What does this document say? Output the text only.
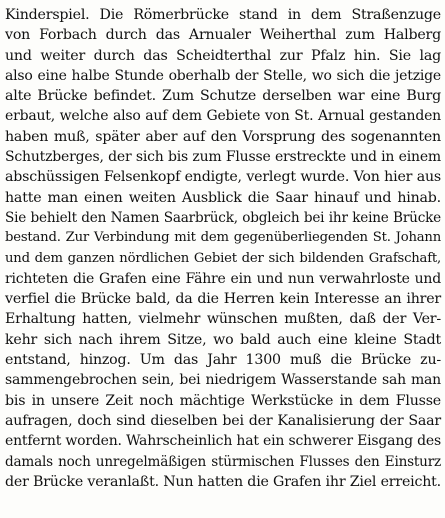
Kinderspiel. Die Römerbrücke stand in dem Straßenzuge
von Forbach durch das Arnualer Weiherthal zum Halberg
und weiter durch das Scheidterthal zur Pfalz hin. Sie lag
also eine halbe Stunde oberhalb der Stelle, wo sich die jetzige
alte Brücke befindet. Zum Schutze derselben war eine Burg
erbaut, welche also auf dem Gebiete von St. Arnual gestanden
haben muß, später aber auf den Vorsprung des sogenannten
Schutzberges, der sich bis zum Flusse erstreckte und in einem
abschüssigen Felsenkopf endigte, verlegt wurde. Von hier aus
hatte man einen weiten Ausblick die Saar hinauf und hinab.
Sie behielt den Namen Saarbrück, obgleich bei ihr keine Brücke
bestand. Zur Verbindung mit dem gegenüberliegenden St. Johann
und dem ganzen nördlichen Gebiet der sich bildenden Grafschaft,
richteten die Grafen eine Fähre ein und nun verwahrloste und
verfiel die Brücke bald, da die Herren kein Interesse an ihrer
Erhaltung hatten, vielmehr wünschen mußten, daß der Ver-
kehr sich nach ihrem Sitze, wo bald auch eine kleine Stadt
entstand, hinzog. Um das Jahr 1300 muß die Brücke zu-
sammengebrochen sein, bei niedrigem Wasserstande sah man
bis in unsere Zeit noch mächtige Werkstücke in dem Flusse
aufragen, doch sind dieselben bei der Kanalisierung der Saar
entfernt worden. Wahrscheinlich hat ein schwerer Eisgang des
damals noch unregelmäßigen stürmischen Flusses den Einsturz
der Brücke veranlaßt. Nun hatten die Grafen ihr Ziel erreicht.
